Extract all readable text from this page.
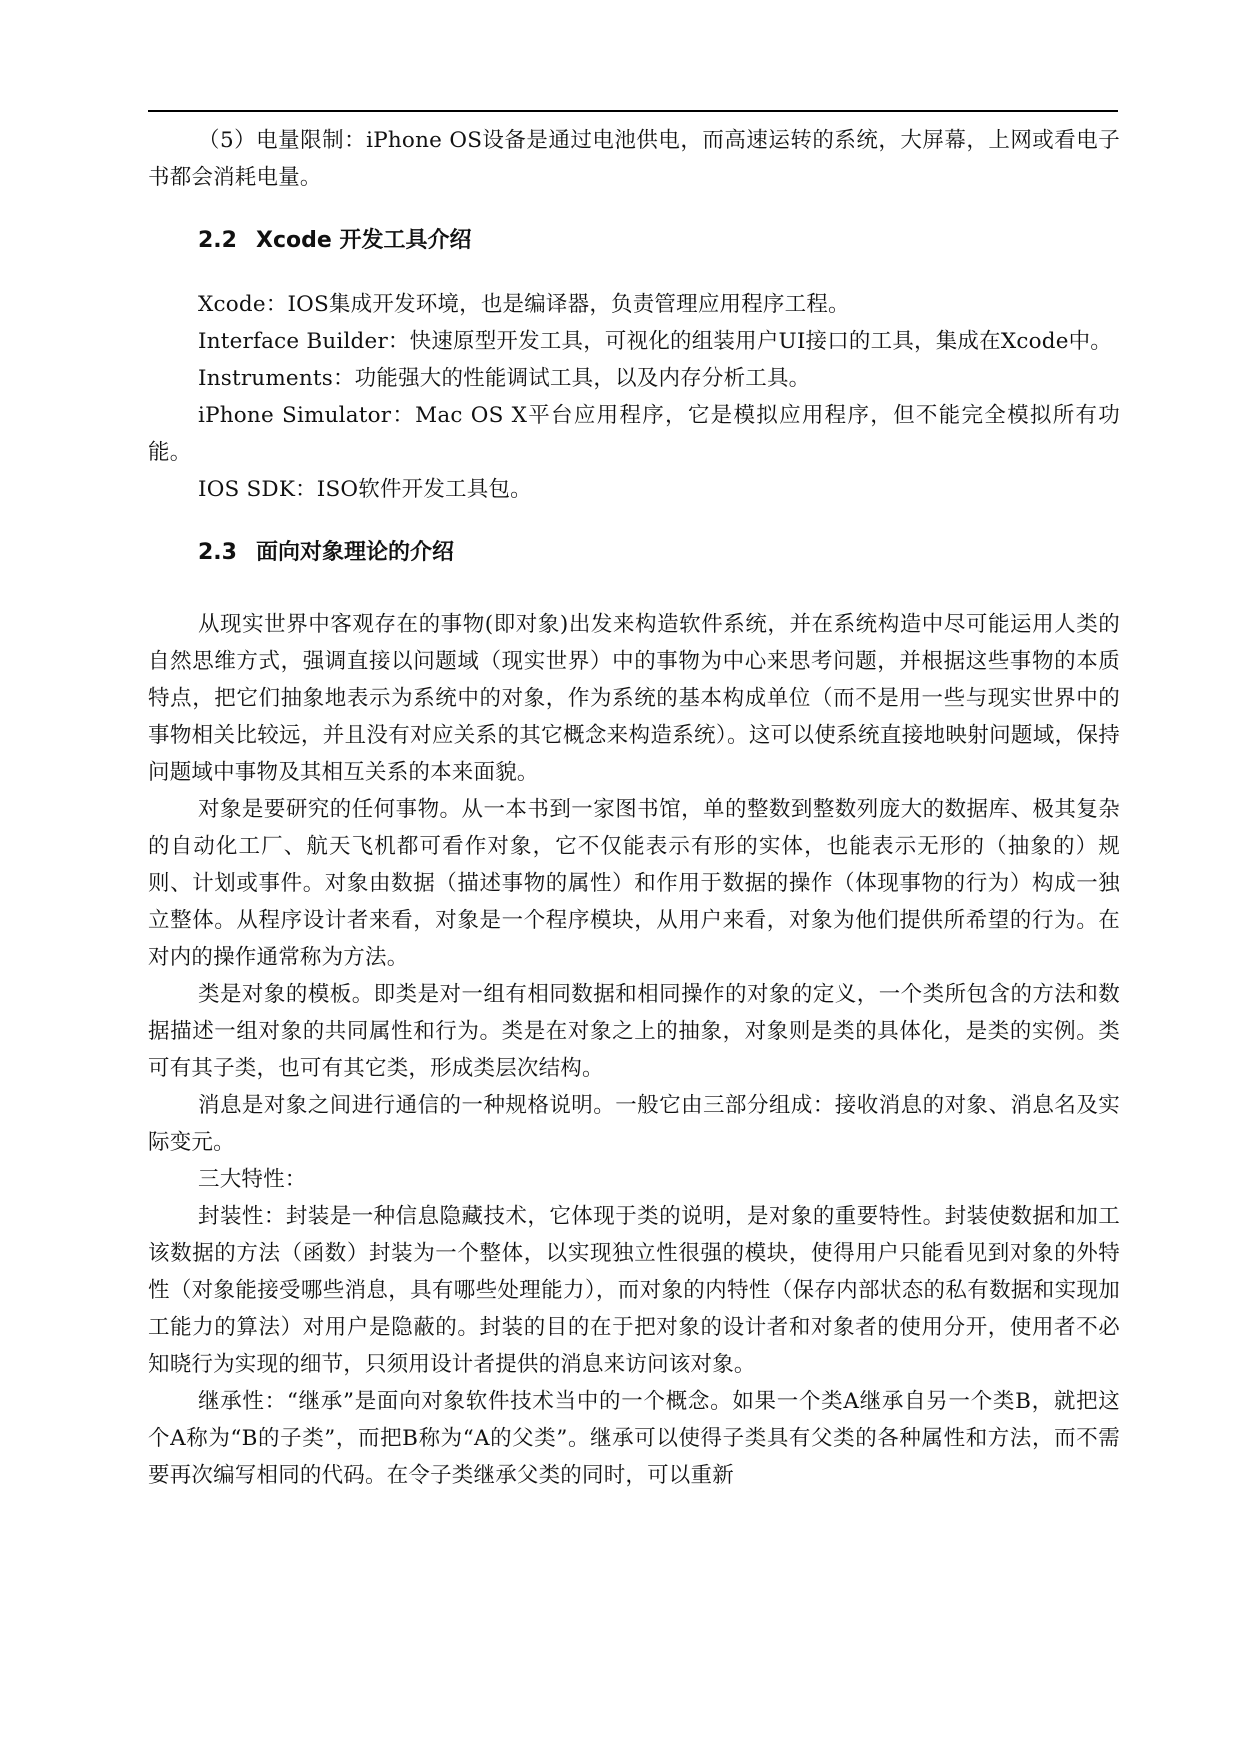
（5）电量限制：iPhone OS设备是通过电池供电，而高速运转的系统，大屏幕，上网或看电子书都会消耗电量。

2.2 Xcode 开发工具介绍

Xcode：IOS集成开发环境，也是编译器，负责管理应用程序工程。

Interface Builder：快速原型开发工具，可视化的组装用户UI接口的工具，集成在Xcode中。

Instruments：功能强大的性能调试工具，以及内存分析工具。

iPhone Simulator：Mac OS X平台应用程序，它是模拟应用程序，但不能完全模拟所有功能。

IOS SDK：ISO软件开发工具包。

2.3 面向对象理论的介绍

从现实世界中客观存在的事物(即对象)出发来构造软件系统，并在系统构造中尽可能运用人类的自然思维方式，强调直接以问题域（现实世界）中的事物为中心来思考问题，并根据这些事物的本质特点，把它们抽象地表示为系统中的对象，作为系统的基本构成单位（而不是用一些与现实世界中的事物相关比较远，并且没有对应关系的其它概念来构造系统）。这可以使系统直接地映射问题域，保持问题域中事物及其相互关系的本来面貌。

对象是要研究的任何事物。从一本书到一家图书馆，单的整数到整数列庞大的数据库、极其复杂的自动化工厂、航天飞机都可看作对象，它不仅能表示有形的实体，也能表示无形的（抽象的）规则、计划或事件。对象由数据（描述事物的属性）和作用于数据的操作（体现事物的行为）构成一独立整体。从程序设计者来看，对象是一个程序模块，从用户来看，对象为他们提供所希望的行为。在对内的操作通常称为方法。

类是对象的模板。即类是对一组有相同数据和相同操作的对象的定义，一个类所包含的方法和数据描述一组对象的共同属性和行为。类是在对象之上的抽象，对象则是类的具体化，是类的实例。类可有其子类，也可有其它类，形成类层次结构。

消息是对象之间进行通信的一种规格说明。一般它由三部分组成：接收消息的对象、消息名及实际变元。

三大特性：

封装性：封装是一种信息隐藏技术，它体现于类的说明，是对象的重要特性。封装使数据和加工该数据的方法（函数）封装为一个整体，以实现独立性很强的模块，使得用户只能看见到对象的外特性（对象能接受哪些消息，具有哪些处理能力），而对象的内特性（保存内部状态的私有数据和实现加工能力的算法）对用户是隐蔽的。封装的目的在于把对象的设计者和对象者的使用分开，使用者不必知晓行为实现的细节，只须用设计者提供的消息来访问该对象。

继承性：“继承”是面向对象软件技术当中的一个概念。如果一个类A继承自另一个类B，就把这个A称为“B的子类”，而把B称为“A的父类”。继承可以使得子类具有父类的各种属性和方法，而不需要再次编写相同的代码。在令子类继承父类的同时，可以重新
